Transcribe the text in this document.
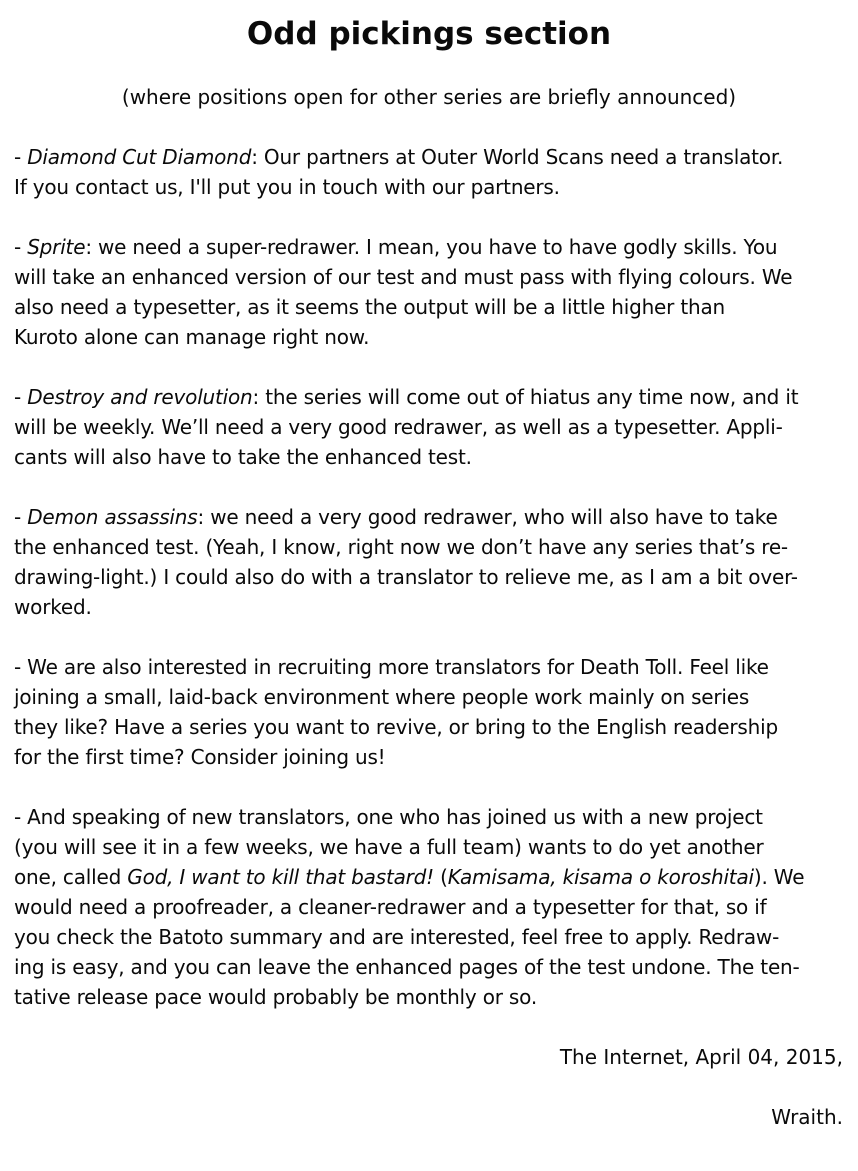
Odd pickings section

(where positions open for other series are briefly announced)

- Diamond Cut Diamond: Our partners at Outer World Scans need a translator.
If you contact us, I'll put you in touch with our partners.
- Sprite: we need a super-redrawer. I mean, you have to have godly skills. You
will take an enhanced version of our test and must pass with flying colours. We
also need a typesetter, as it seems the output will be a little higher than
Kuroto alone can manage right now.
- Destroy and revolution: the series will come out of hiatus any time now, and it
will be weekly. We’ll need a very good redrawer, as well as a typesetter. Appli-
cants will also have to take the enhanced test.
- Demon assassins: we need a very good redrawer, who will also have to take
the enhanced test. (Yeah, I know, right now we don’t have any series that’s re-
drawing-light.) I could also do with a translator to relieve me, as I am a bit over-
worked.
- We are also interested in recruiting more translators for Death Toll. Feel like
joining a small, laid-back environment where people work mainly on series
they like? Have a series you want to revive, or bring to the English readership
for the first time? Consider joining us!
- And speaking of new translators, one who has joined us with a new project
(you will see it in a few weeks, we have a full team) wants to do yet another
one, called God, I want to kill that bastard! (Kamisama, kisama o koroshitai). We
would need a proofreader, a cleaner-redrawer and a typesetter for that, so if
you check the Batoto summary and are interested, feel free to apply. Redraw-
ing is easy, and you can leave the enhanced pages of the test undone. The ten-
tative release pace would probably be monthly or so.

The Internet, April 04, 2015,

Wraith.
